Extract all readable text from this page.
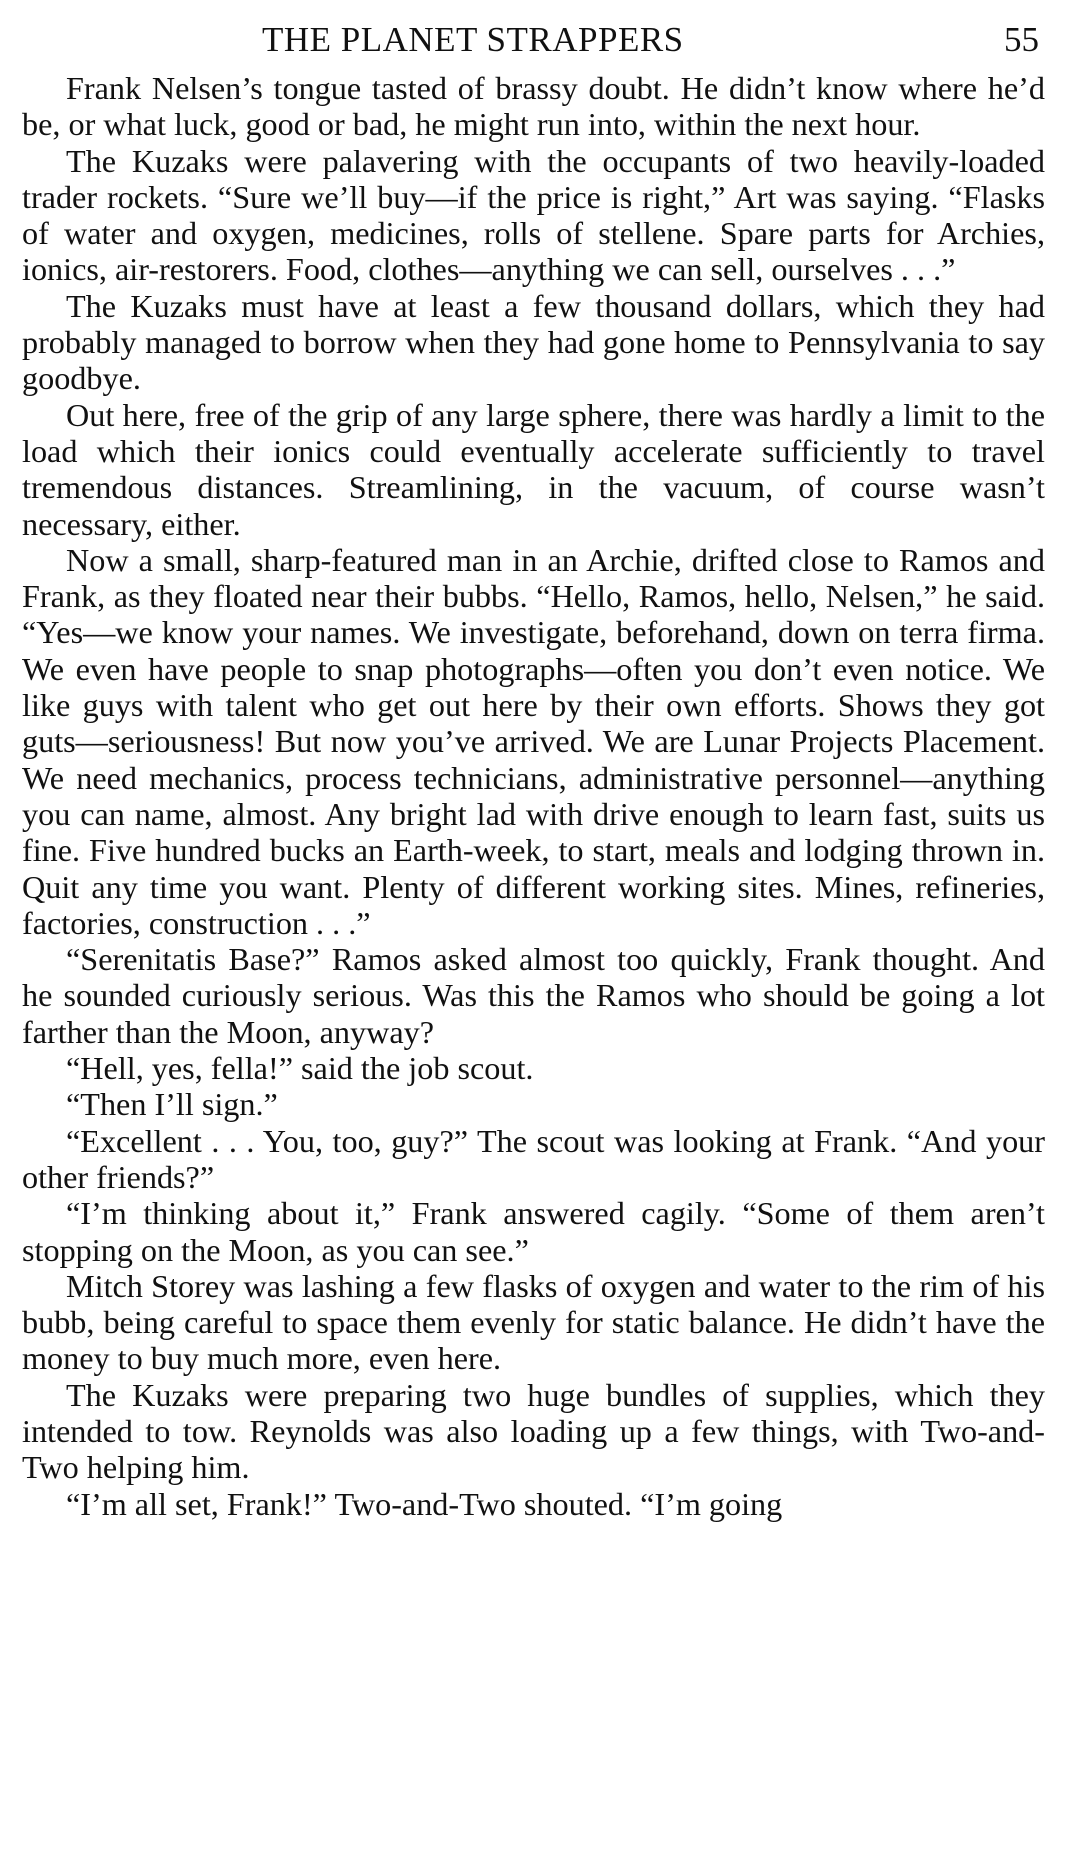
THE PLANET STRAPPERS	55

Frank Nelsen’s tongue tasted of brassy doubt. He didn’t know where he’d be, or what luck, good or bad, he might run into, within the next hour.

The Kuzaks were palavering with the occupants of two heavily-loaded trader rockets. “Sure we’ll buy—if the price is right,” Art was saying. “Flasks of water and oxygen, medicines, rolls of stellene. Spare parts for Archies, ionics, air-restorers. Food, clothes—anything we can sell, ourselves . . .”

The Kuzaks must have at least a few thousand dollars, which they had probably managed to borrow when they had gone home to Pennsylvania to say goodbye.

Out here, free of the grip of any large sphere, there was hardly a limit to the load which their ionics could eventually accelerate sufficiently to travel tremendous distances. Streamlining, in the vacuum, of course wasn’t necessary, either.

Now a small, sharp-featured man in an Archie, drifted close to Ramos and Frank, as they floated near their bubbs. “Hello, Ramos, hello, Nelsen,” he said. “Yes—we know your names. We investigate, beforehand, down on terra firma. We even have people to snap photographs—often you don’t even notice. We like guys with talent who get out here by their own efforts. Shows they got guts—seriousness! But now you’ve arrived. We are Lunar Projects Placement. We need mechanics, process technicians, administrative personnel—anything you can name, almost. Any bright lad with drive enough to learn fast, suits us fine. Five hundred bucks an Earth-week, to start, meals and lodging thrown in. Quit any time you want. Plenty of different working sites. Mines, refineries, factories, construction . . .”

“Serenitatis Base?” Ramos asked almost too quickly, Frank thought. And he sounded curiously serious. Was this the Ramos who should be going a lot farther than the Moon, anyway?

“Hell, yes, fella!” said the job scout.

“Then I’ll sign.”

“Excellent . . . You, too, guy?” The scout was looking at Frank. “And your other friends?”

“I’m thinking about it,” Frank answered cagily. “Some of them aren’t stopping on the Moon, as you can see.”

Mitch Storey was lashing a few flasks of oxygen and water to the rim of his bubb, being careful to space them evenly for static balance. He didn’t have the money to buy much more, even here.

The Kuzaks were preparing two huge bundles of supplies, which they intended to tow. Reynolds was also loading up a few things, with Two-and-Two helping him.

“I’m all set, Frank!” Two-and-Two shouted. “I’m going
